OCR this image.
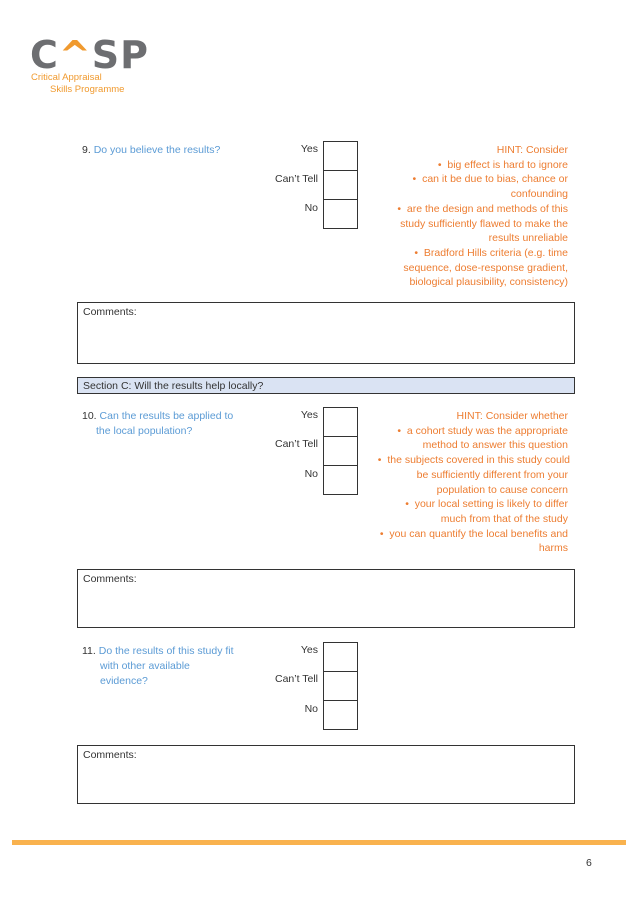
C^SP
Critical Appraisal
Skills Programme
9. Do you believe the results?	Yes
Can’t Tell
No
HINT: Consider
•  big effect is hard to ignore
•  can it be due to bias, chance or
confounding
•  are the design and methods of this
study sufficiently flawed to make the
results unreliable
•  Bradford Hills criteria (e.g. time
sequence, dose-response gradient,
biological plausibility, consistency)
Comments:
Section C: Will the results help locally?
10. Can the results be applied to
the local population?
Yes
Can’t Tell
No
HINT: Consider whether
•  a cohort study was the appropriate
method to answer this question
•  the subjects covered in this study could
be sufficiently different from your
population to cause concern
•  your local setting is likely to differ
much from that of the study
•  you can quantify the local benefits and
harms
Comments:
11. Do the results of this study fit
with other available
evidence?
Yes
Can’t Tell
No
Comments:
6
